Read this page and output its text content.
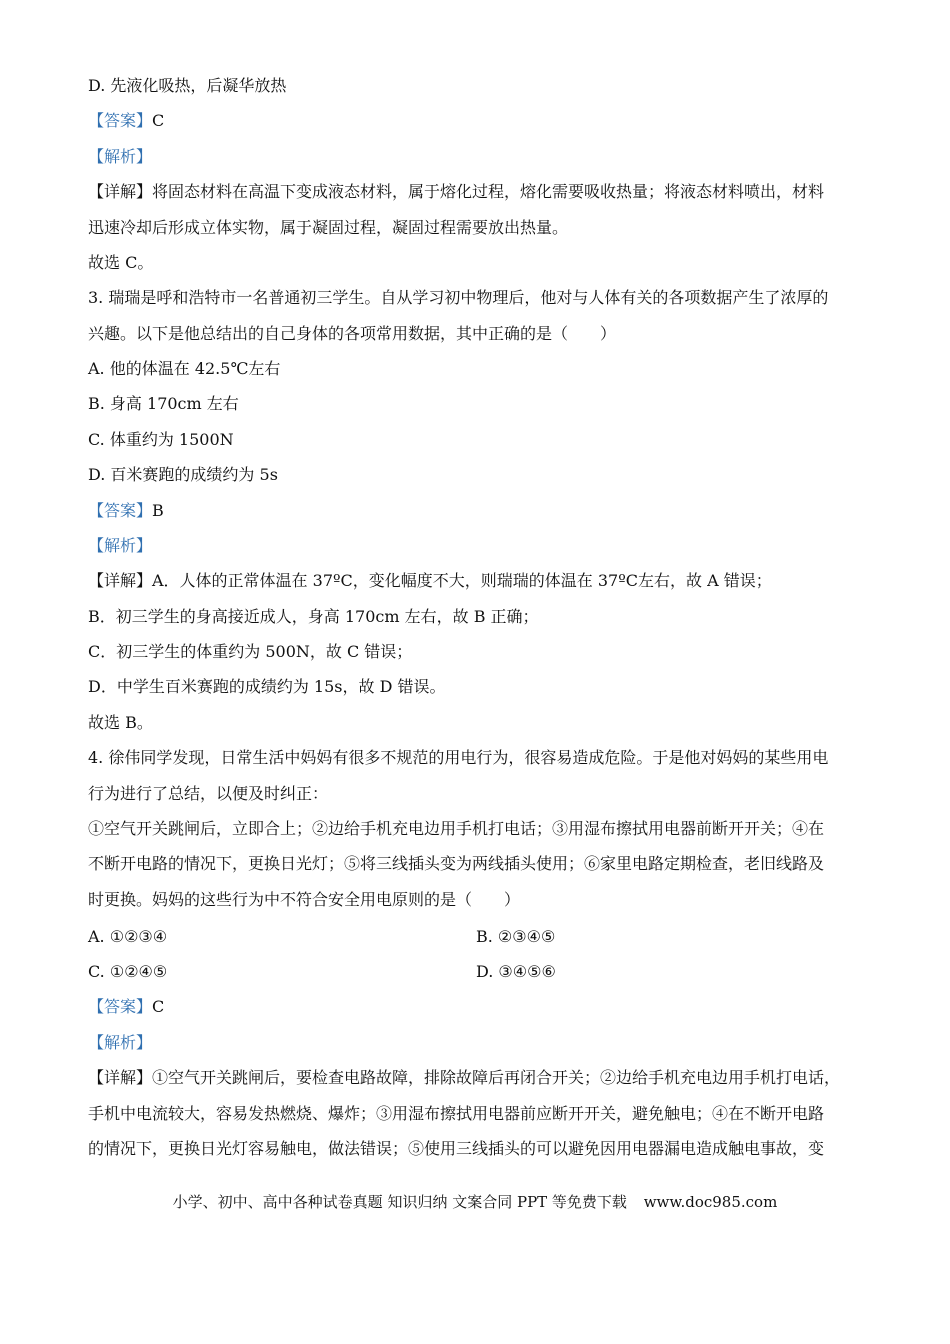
D. 先液化吸热，后凝华放热
【答案】C
【解析】
【详解】将固态材料在高温下变成液态材料，属于熔化过程，熔化需要吸收热量；将液态材料喷出，材料
迅速冷却后形成立体实物，属于凝固过程，凝固过程需要放出热量。
故选 C。
3. 瑞瑞是呼和浩特市一名普通初三学生。自从学习初中物理后，他对与人体有关的各项数据产生了浓厚的
兴趣。以下是他总结出的自己身体的各项常用数据，其中正确的是（　　）
A. 他的体温在 42.5℃左右
B. 身高 170cm 左右
C. 体重约为 1500N
D. 百米赛跑的成绩约为 5s
【答案】B
【解析】
【详解】A．人体的正常体温在 37ºC，变化幅度不大，则瑞瑞的体温在 37ºC左右，故 A 错误；
B．初三学生的身高接近成人，身高 170cm 左右，故 B 正确；
C．初三学生的体重约为 500N，故 C 错误；
D．中学生百米赛跑的成绩约为 15s，故 D 错误。
故选 B。
4. 徐伟同学发现，日常生活中妈妈有很多不规范的用电行为，很容易造成危险。于是他对妈妈的某些用电
行为进行了总结，以便及时纠正：
①空气开关跳闸后，立即合上；②边给手机充电边用手机打电话；③用湿布擦拭用电器前断开开关；④在
不断开电路的情况下，更换日光灯；⑤将三线插头变为两线插头使用；⑥家里电路定期检查，老旧线路及
时更换。妈妈的这些行为中不符合安全用电原则的是（　　）
A. ①②③④	B. ②③④⑤
C. ①②④⑤	D. ③④⑤⑥
【答案】C
【解析】
【详解】①空气开关跳闸后，要检查电路故障，排除故障后再闭合开关；②边给手机充电边用手机打电话，
手机中电流较大，容易发热燃烧、爆炸；③用湿布擦拭用电器前应断开开关，避免触电；④在不断开电路
的情况下，更换日光灯容易触电，做法错误；⑤使用三线插头的可以避免因用电器漏电造成触电事故，变
小学、初中、高中各种试卷真题 知识归纳 文案合同 PPT 等免费下载 www.doc985.com
